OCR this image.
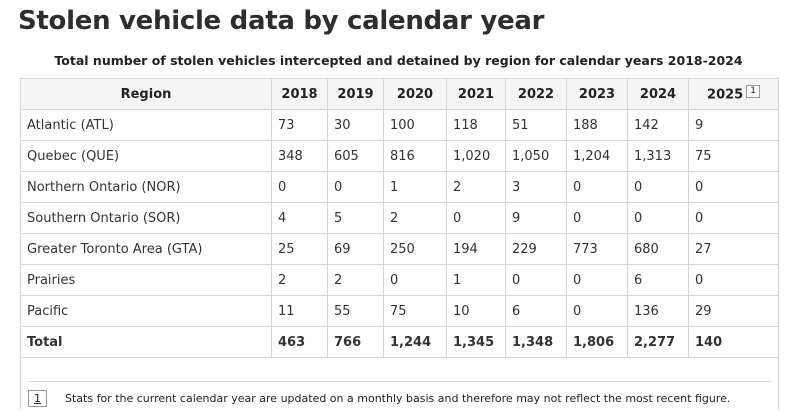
Stolen vehicle data by calendar year
Total number of stolen vehicles intercepted and detained by region for calendar years 2018-2024
Region	2018	2019	2020	2021	2022	2023	2024	2025 1
Atlantic (ATL)	73	30	100	118	51	188	142	9
Quebec (QUE)	348	605	816	1,020	1,050	1,204	1,313	75
Northern Ontario (NOR)	0	0	1	2	3	0	0	0
Southern Ontario (SOR)	4	5	2	0	9	0	0	0
Greater Toronto Area (GTA)	25	69	250	194	229	773	680	27
Prairies	2	2	0	1	0	0	6	0
Pacific	11	55	75	10	6	0	136	29
Total	463	766	1,244	1,345	1,348	1,806	2,277	140
1 Stats for the current calendar year are updated on a monthly basis and therefore may not reflect the most recent figure.
